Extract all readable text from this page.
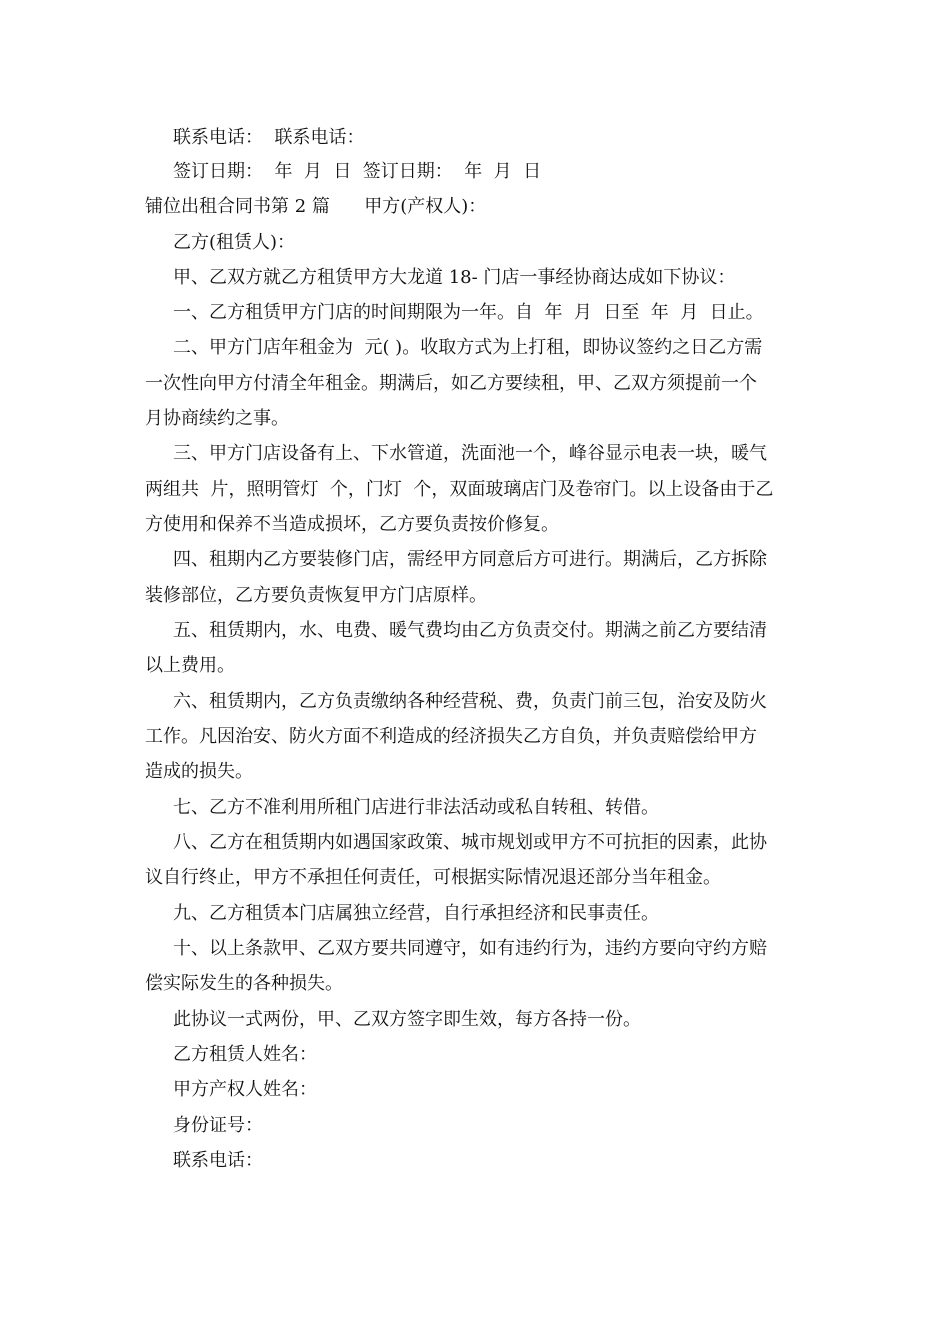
联系电话：  联系电话：
签订日期：  年  月  日  签订日期：  年  月  日
铺位出租合同书第 2 篇      甲方(产权人)：
乙方(租赁人)：
甲、乙双方就乙方租赁甲方大龙道 18- 门店一事经协商达成如下协议：
一、乙方租赁甲方门店的时间期限为一年。自  年  月  日至  年  月  日止。
二、甲方门店年租金为  元( )。收取方式为上打租，即协议签约之日乙方需
一次性向甲方付清全年租金。期满后，如乙方要续租，甲、乙双方须提前一个
月协商续约之事。
三、甲方门店设备有上、下水管道，洗面池一个，峰谷显示电表一块，暖气
两组共  片，照明管灯  个，门灯  个，双面玻璃店门及卷帘门。以上设备由于乙
方使用和保养不当造成损坏，乙方要负责按价修复。
四、租期内乙方要装修门店，需经甲方同意后方可进行。期满后，乙方拆除
装修部位，乙方要负责恢复甲方门店原样。
五、租赁期内，水、电费、暖气费均由乙方负责交付。期满之前乙方要结清
以上费用。
六、租赁期内，乙方负责缴纳各种经营税、费，负责门前三包，治安及防火
工作。凡因治安、防火方面不利造成的经济损失乙方自负，并负责赔偿给甲方
造成的损失。
七、乙方不准利用所租门店进行非法活动或私自转租、转借。
八、乙方在租赁期内如遇国家政策、城市规划或甲方不可抗拒的因素，此协
议自行终止，甲方不承担任何责任，可根据实际情况退还部分当年租金。
九、乙方租赁本门店属独立经营，自行承担经济和民事责任。
十、以上条款甲、乙双方要共同遵守，如有违约行为，违约方要向守约方赔
偿实际发生的各种损失。
此协议一式两份，甲、乙双方签字即生效，每方各持一份。
乙方租赁人姓名：
甲方产权人姓名：
身份证号：
联系电话：
